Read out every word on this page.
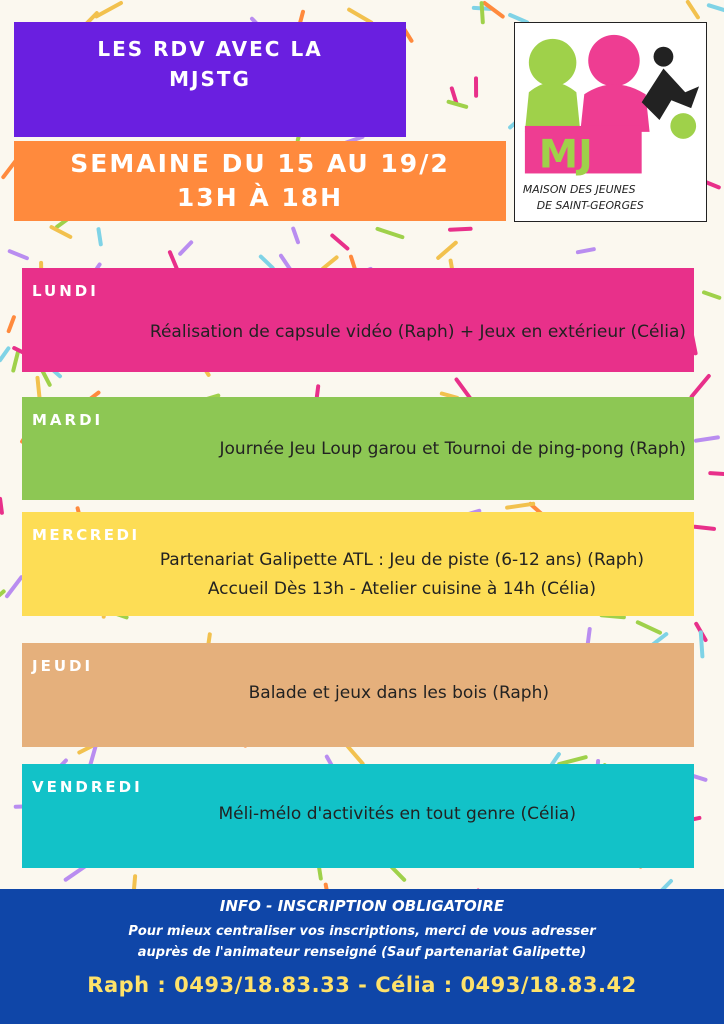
LES RDV AVEC LA
MJSTG
SEMAINE DU 15 AU 19/2
13H À 18H
MJ
MAISON DES JEUNES
DE SAINT-GEORGES
LUNDI
Réalisation de capsule vidéo (Raph) + Jeux en extérieur (Célia)
MARDI
Journée Jeu Loup garou et Tournoi de ping-pong (Raph)
MERCREDI
Partenariat Galipette ATL : Jeu de piste (6-12 ans) (Raph)
Accueil Dès 13h - Atelier cuisine à 14h (Célia)
JEUDI
Balade et jeux dans les bois (Raph)
VENDREDI
Méli-mélo d'activités en tout genre (Célia)
INFO - INSCRIPTION OBLIGATOIRE
Pour mieux centraliser vos inscriptions, merci de vous adresser
auprès de l'animateur renseigné (Sauf partenariat Galipette)
Raph : 0493/18.83.33 - Célia : 0493/18.83.42
